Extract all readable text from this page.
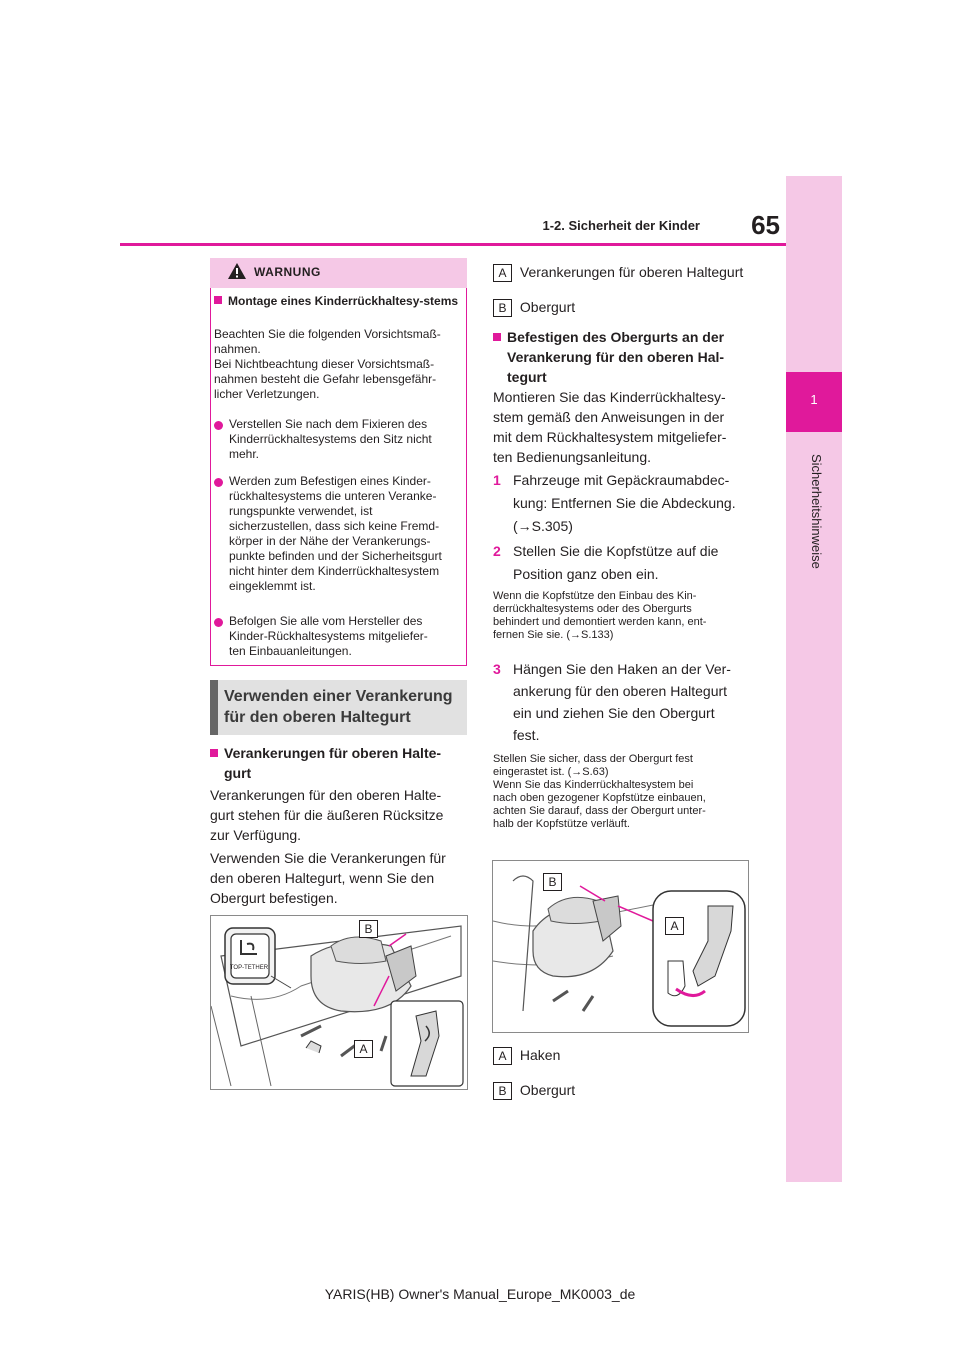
65
1-2. Sicherheit der Kinder
1
Sicherheitshinweise
WARNUNG
Montage eines Kinderrückhaltesy-stems
Beachten Sie die folgenden Vorsichtsmaß-
nahmen.
Bei Nichtbeachtung dieser Vorsichtsmaß-
nahmen besteht die Gefahr lebensgefähr-
licher Verletzungen.
Verstellen Sie nach dem Fixieren des
Kinderrückhaltesystems den Sitz nicht
mehr.
Werden zum Befestigen eines Kinder-
rückhaltesystems die unteren Veranke-
rungspunkte verwendet, ist
sicherzustellen, dass sich keine Fremd-
körper in der Nähe der Verankerungs-
punkte befinden und der Sicherheitsgurt
nicht hinter dem Kinderrückhaltesystem
eingeklemmt ist.
Befolgen Sie alle vom Hersteller des
Kinder-Rückhaltesystems mitgeliefer-
ten Einbauanleitungen.
Verwenden einer Verankerung
für den oberen Haltegurt
Verankerungen für oberen Halte-
gurt
Verankerungen für den oberen Halte-
gurt stehen für die äußeren Rücksitze
zur Verfügung.
Verwenden Sie die Verankerungen für
den oberen Haltegurt, wenn Sie den
Obergurt befestigen.
TOP-TETHER
B
A
A Verankerungen für oberen Haltegurt
B Obergurt
Befestigen des Obergurts an der
Verankerung für den oberen Hal-
tegurt
Montieren Sie das Kinderrückhaltesy-
stem gemäß den Anweisungen in der
mit dem Rückhaltesystem mitgeliefer-
ten Bedienungsanleitung.
1 Fahrzeuge mit Gepäckraumabdec-
kung: Entfernen Sie die Abdeckung.
(→S.305)
2 Stellen Sie die Kopfstütze auf die
Position ganz oben ein.
Wenn die Kopfstütze den Einbau des Kin-
derrückhaltesystems oder des Obergurts
behindert und demontiert werden kann, ent-
fernen Sie sie. (→S.133)
3 Hängen Sie den Haken an der Ver-
ankerung für den oberen Haltegurt
ein und ziehen Sie den Obergurt
fest.
Stellen Sie sicher, dass der Obergurt fest
eingerastet ist. (→S.63)
Wenn Sie das Kinderrückhaltesystem bei
nach oben gezogener Kopfstütze einbauen,
achten Sie darauf, dass der Obergurt unter-
halb der Kopfstütze verläuft.
B
A
A Haken
B Obergurt
YARIS(HB) Owner's Manual_Europe_MK0003_de
